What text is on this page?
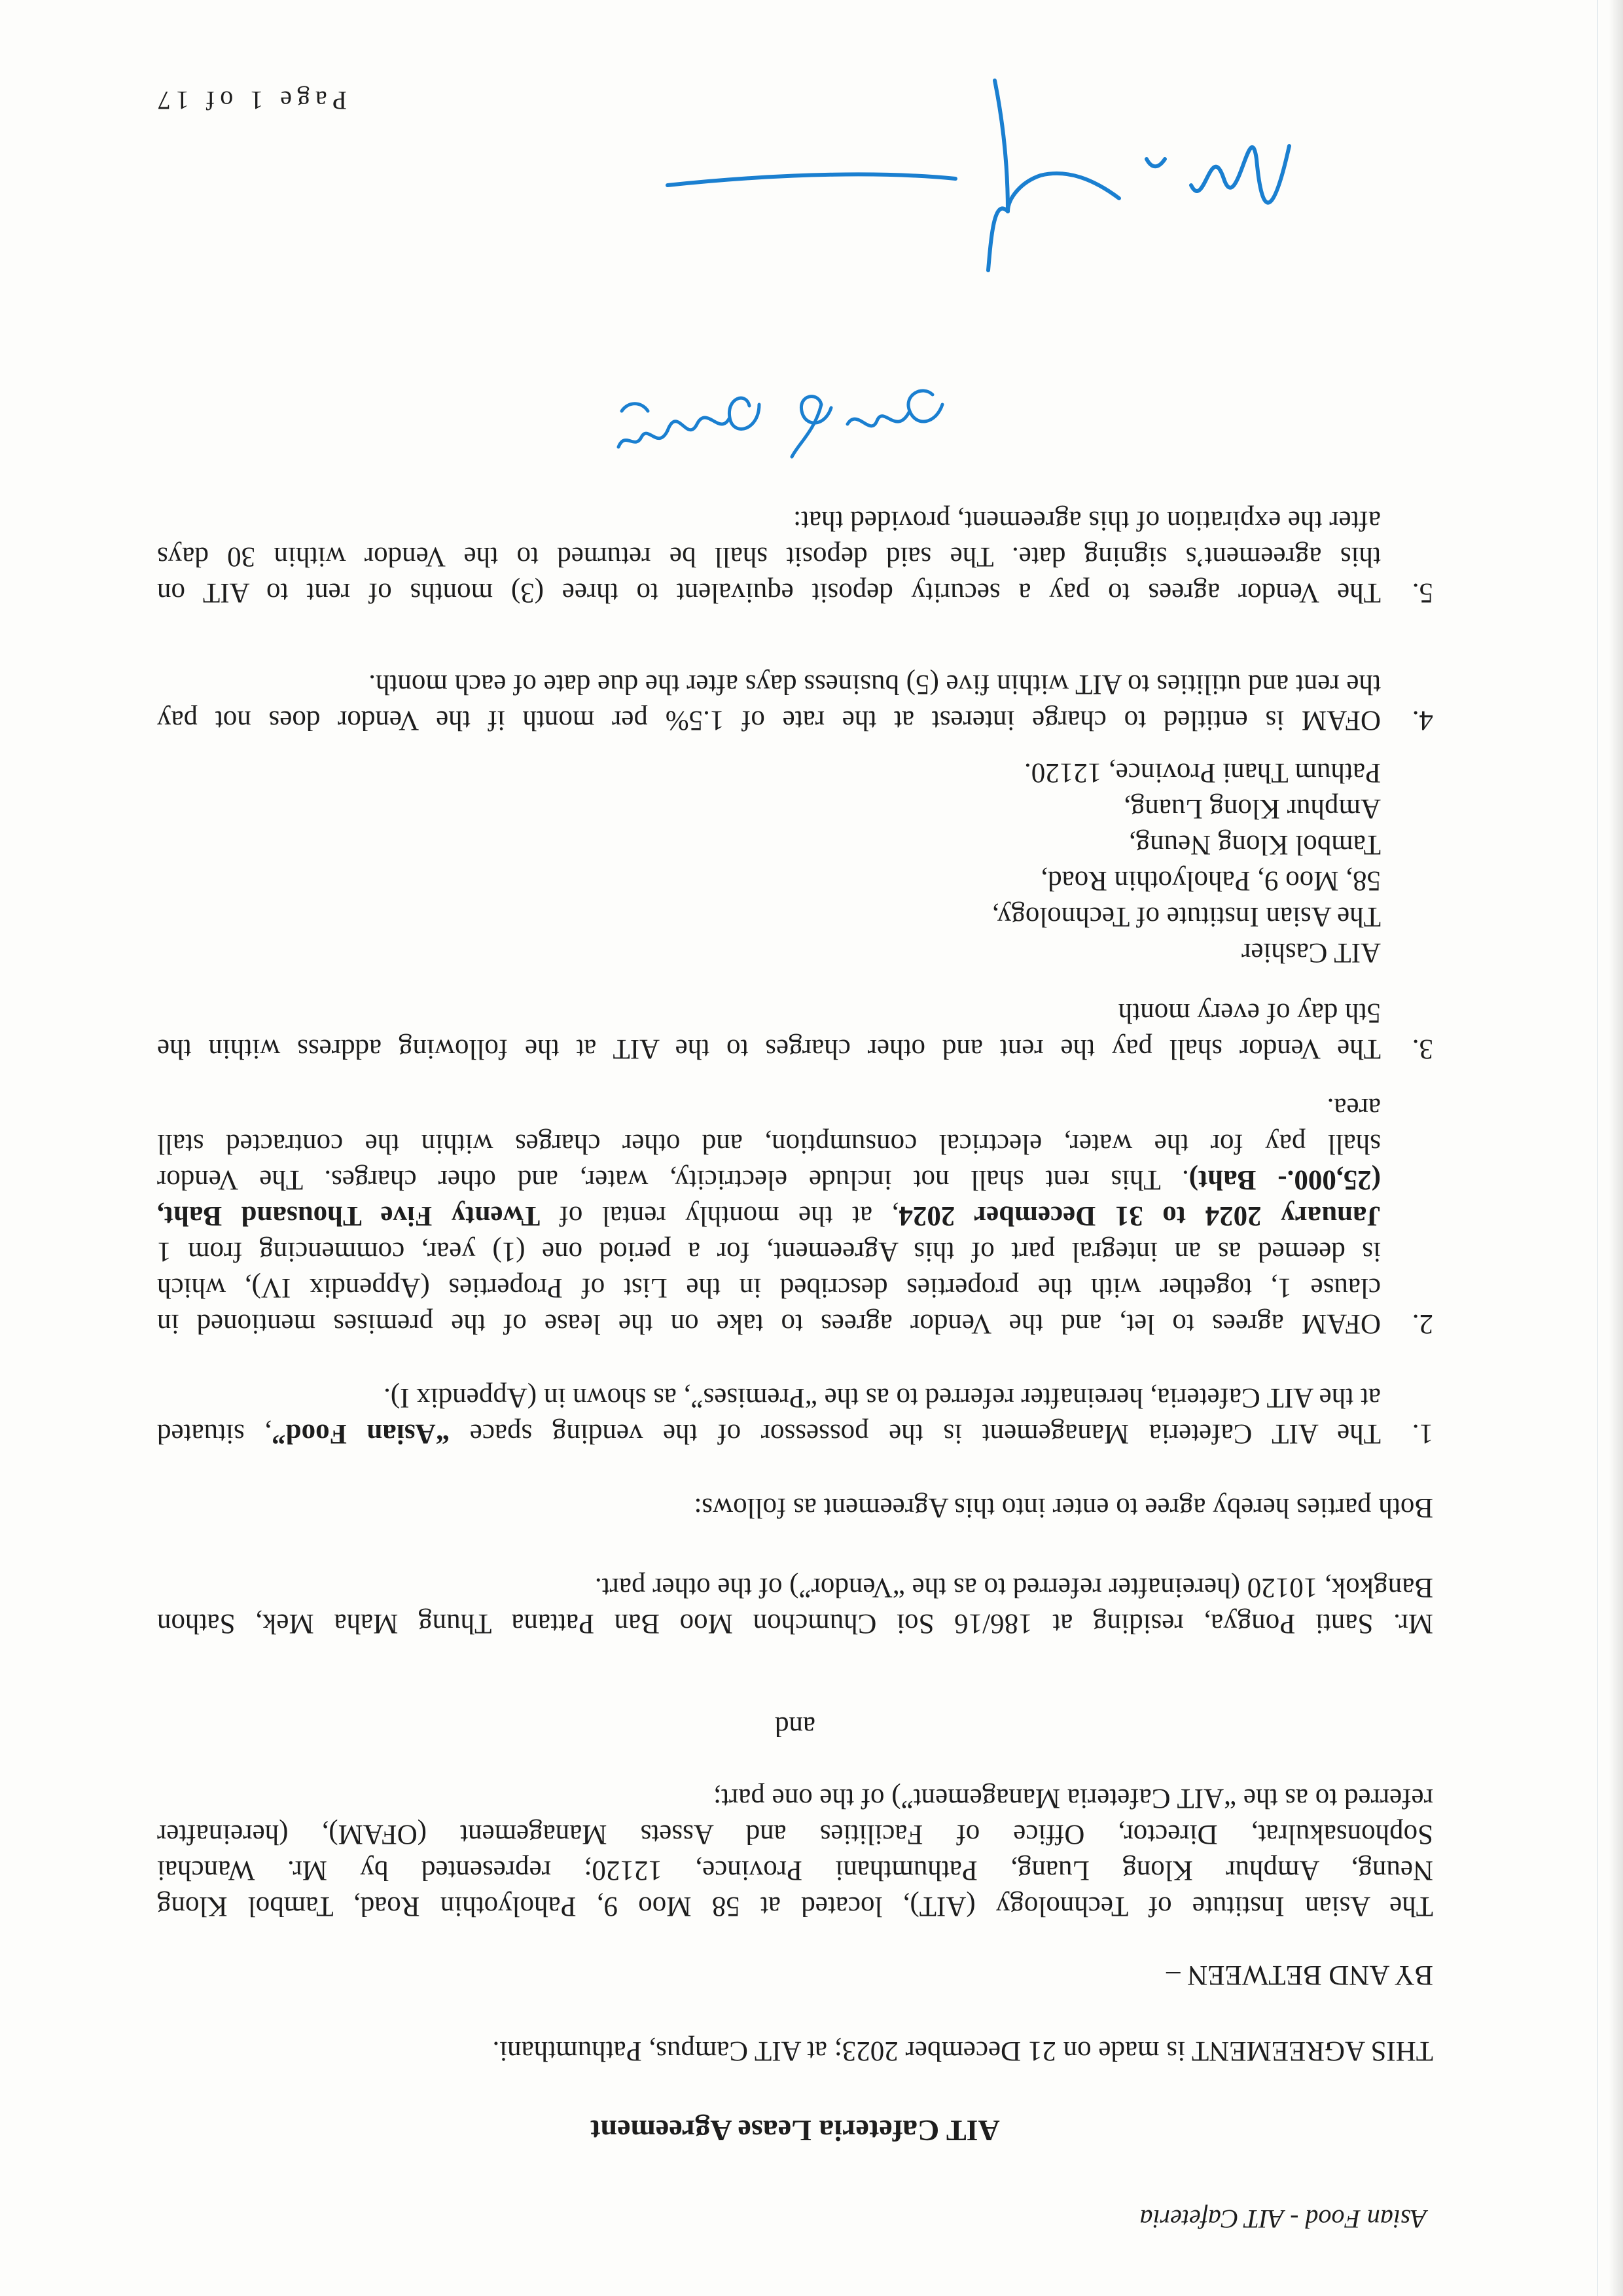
Asian Food - AIT Cafeteria
AIT Cafeteria Lease Agreement
THIS AGREEMENT is made on 21 December 2023; at AIT Campus, Pathumthani.
BY AND BETWEEN –
The Asian Institute of Technology (AIT), located at 58 Moo 9, Paholyothin Road, Tambol Klong
Neung, Amphur Klong Luang, Pathumthani Province, 12120; represented by Mr. Wanchai
Sophonsakulrat, Director, Office of Facilities and Assets Management (OFAM), (hereinafter
referred to as the “AIT Cafeteria Management”) of the one part;
and
Mr. Santi Pongya, residing at 186/16 Soi Chumchon Moo Ban Pattana Thung Maha Mek, Sathon
Bangkok, 10120 (hereinafter referred to as the “Vendor”) of the other part.
Both parties hereby agree to enter into this Agreement as follows:
1.
The AIT Cafeteria Management is the possessor of the vending space “Asian Food”, situated
at the AIT Cafeteria, hereinafter referred to as the “Premises”, as shown in (Appendix I).
2.
OFAM agrees to let, and the Vendor agrees to take on the lease of the premises mentioned in
clause 1, together with the properties described in the List of Properties (Appendix IV), which
is deemed as an integral part of this Agreement, for a period one (1) year, commencing from 1
January 2024 to 31 December 2024, at the monthly rental of Twenty Five Thousand Baht,
(25,000.- Baht). This rent shall not include electricity, water, and other charges. The Vendor
shall pay for the water, electrical consumption, and other charges within the contracted stall
area.
3.
The Vendor shall pay the rent and other charges to the AIT at the following address within the
5th day of every month
AIT Cashier
The Asian Institute of Technology,
58, Moo 9, Paholyothin Road,
Tambol Klong Neung,
Amphur Klong Luang,
Pathum Thani Province, 12120.
4.
OFAM is entitled to charge interest at the rate of 1.5% per month if the Vendor does not pay
the rent and utilities to AIT within five (5) business days after the due date of each month.
5.
The Vendor agrees to pay a security deposit equivalent to three (3) months of rent to AIT on
this agreement’s signing date. The said deposit shall be returned to the Vendor within 30 days
after the expiration of this agreement, provided that:
Page 1 of 17
